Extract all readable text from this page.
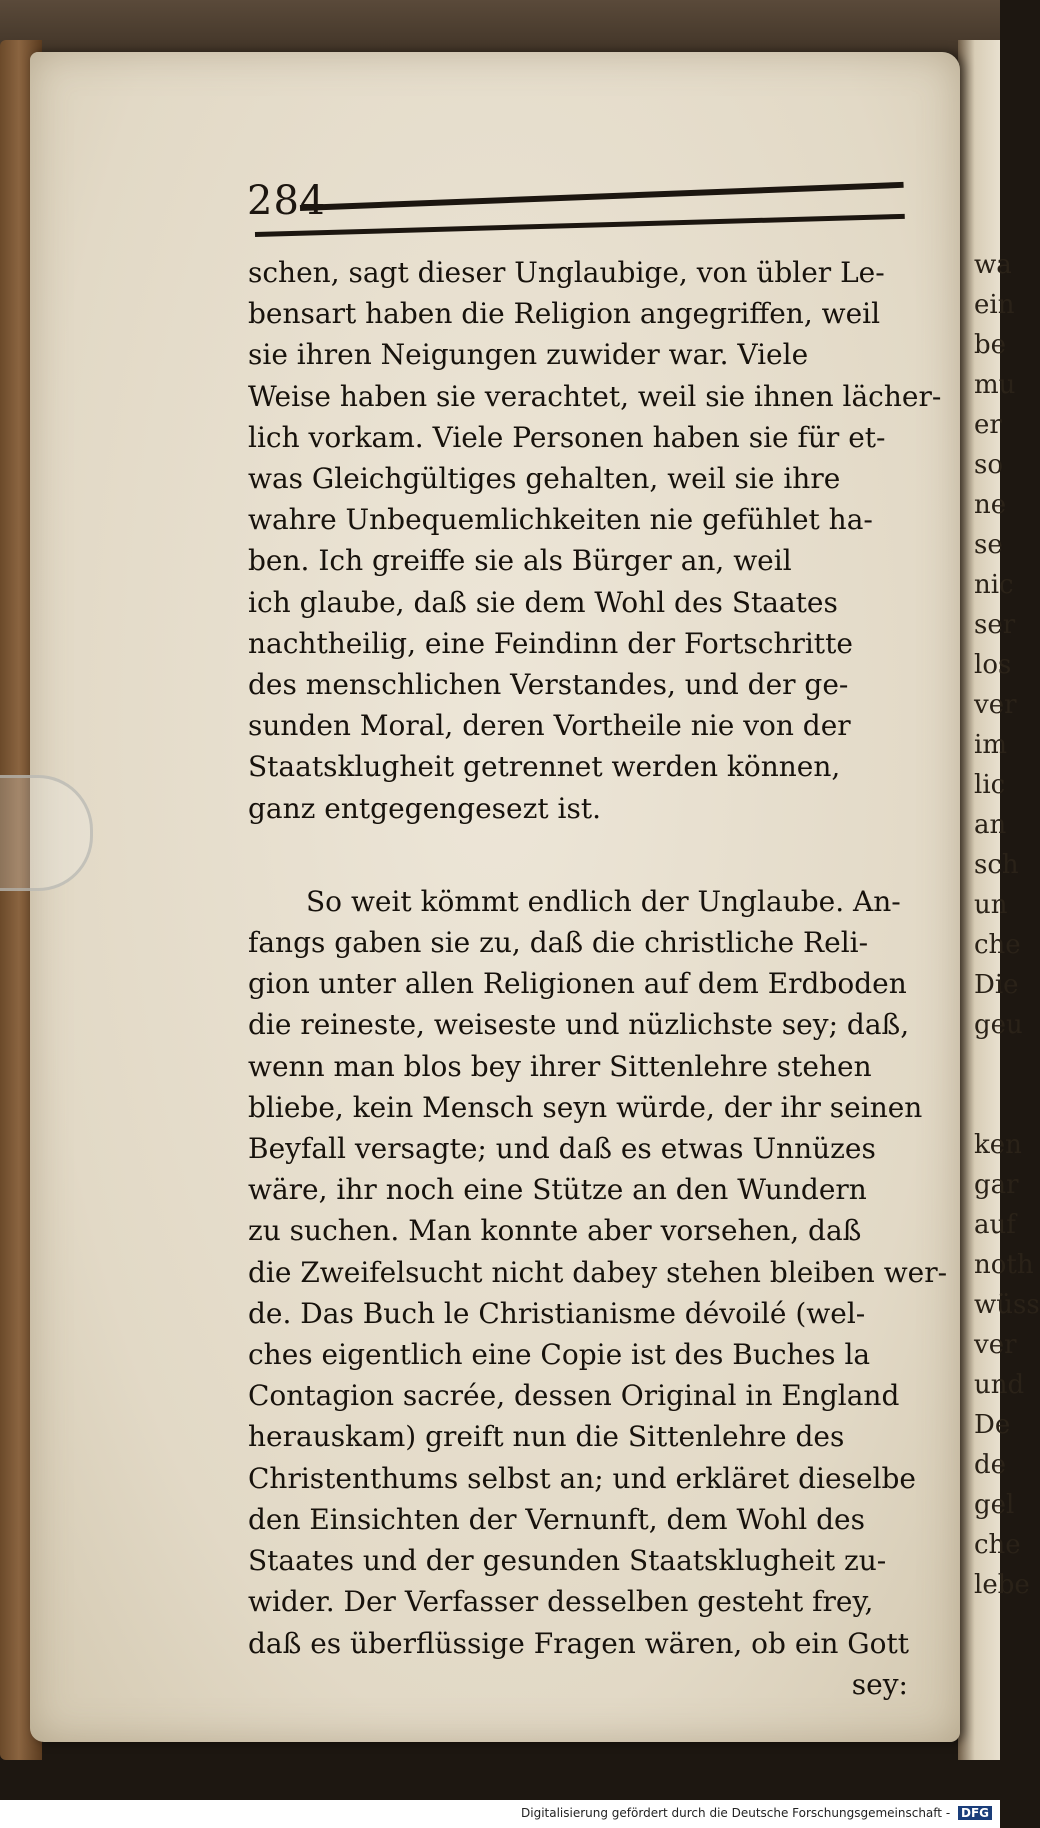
wa
ein
be
mu
er
so
ne
se
nic
ser
los
ver
im
lic
an
sch
un
che
Die
geu

ken
gar
auf
noth
wüss
ver
und
De
de
gel
che
lebe
284
schen, sagt dieser Unglaubige, von übler Le-
bensart haben die Religion angegriffen, weil
sie ihren Neigungen zuwider war. Viele
Weise haben sie verachtet, weil sie ihnen lächer-
lich vorkam. Viele Personen haben sie für et-
was Gleichgültiges gehalten, weil sie ihre
wahre Unbequemlichkeiten nie gefühlet ha-
ben. Ich greiffe sie als Bürger an, weil
ich glaube, daß sie dem Wohl des Staates
nachtheilig, eine Feindinn der Fortschritte
des menschlichen Verstandes, und der ge-
sunden Moral, deren Vortheile nie von der
Staatsklugheit getrennet werden können,
ganz entgegengesezt ist.
So weit kömmt endlich der Unglaube. An-
fangs gaben sie zu, daß die christliche Reli-
gion unter allen Religionen auf dem Erdboden
die reineste, weiseste und nüzlichste sey; daß,
wenn man blos bey ihrer Sittenlehre stehen
bliebe, kein Mensch seyn würde, der ihr seinen
Beyfall versagte; und daß es etwas Unnüzes
wäre, ihr noch eine Stütze an den Wundern
zu suchen. Man konnte aber vorsehen, daß
die Zweifelsucht nicht dabey stehen bleiben wer-
de. Das Buch le Christianisme dévoilé (wel-
ches eigentlich eine Copie ist des Buches la
Contagion sacrée, dessen Original in England
herauskam) greift nun die Sittenlehre des
Christenthums selbst an; und erkläret dieselbe
den Einsichten der Vernunft, dem Wohl des
Staates und der gesunden Staatsklugheit zu-
wider. Der Verfasser desselben gesteht frey,
daß es überflüssige Fragen wären, ob ein Gott
sey:
Digitalisierung gefördert durch die Deutsche Forschungsgemeinschaft - DFG
